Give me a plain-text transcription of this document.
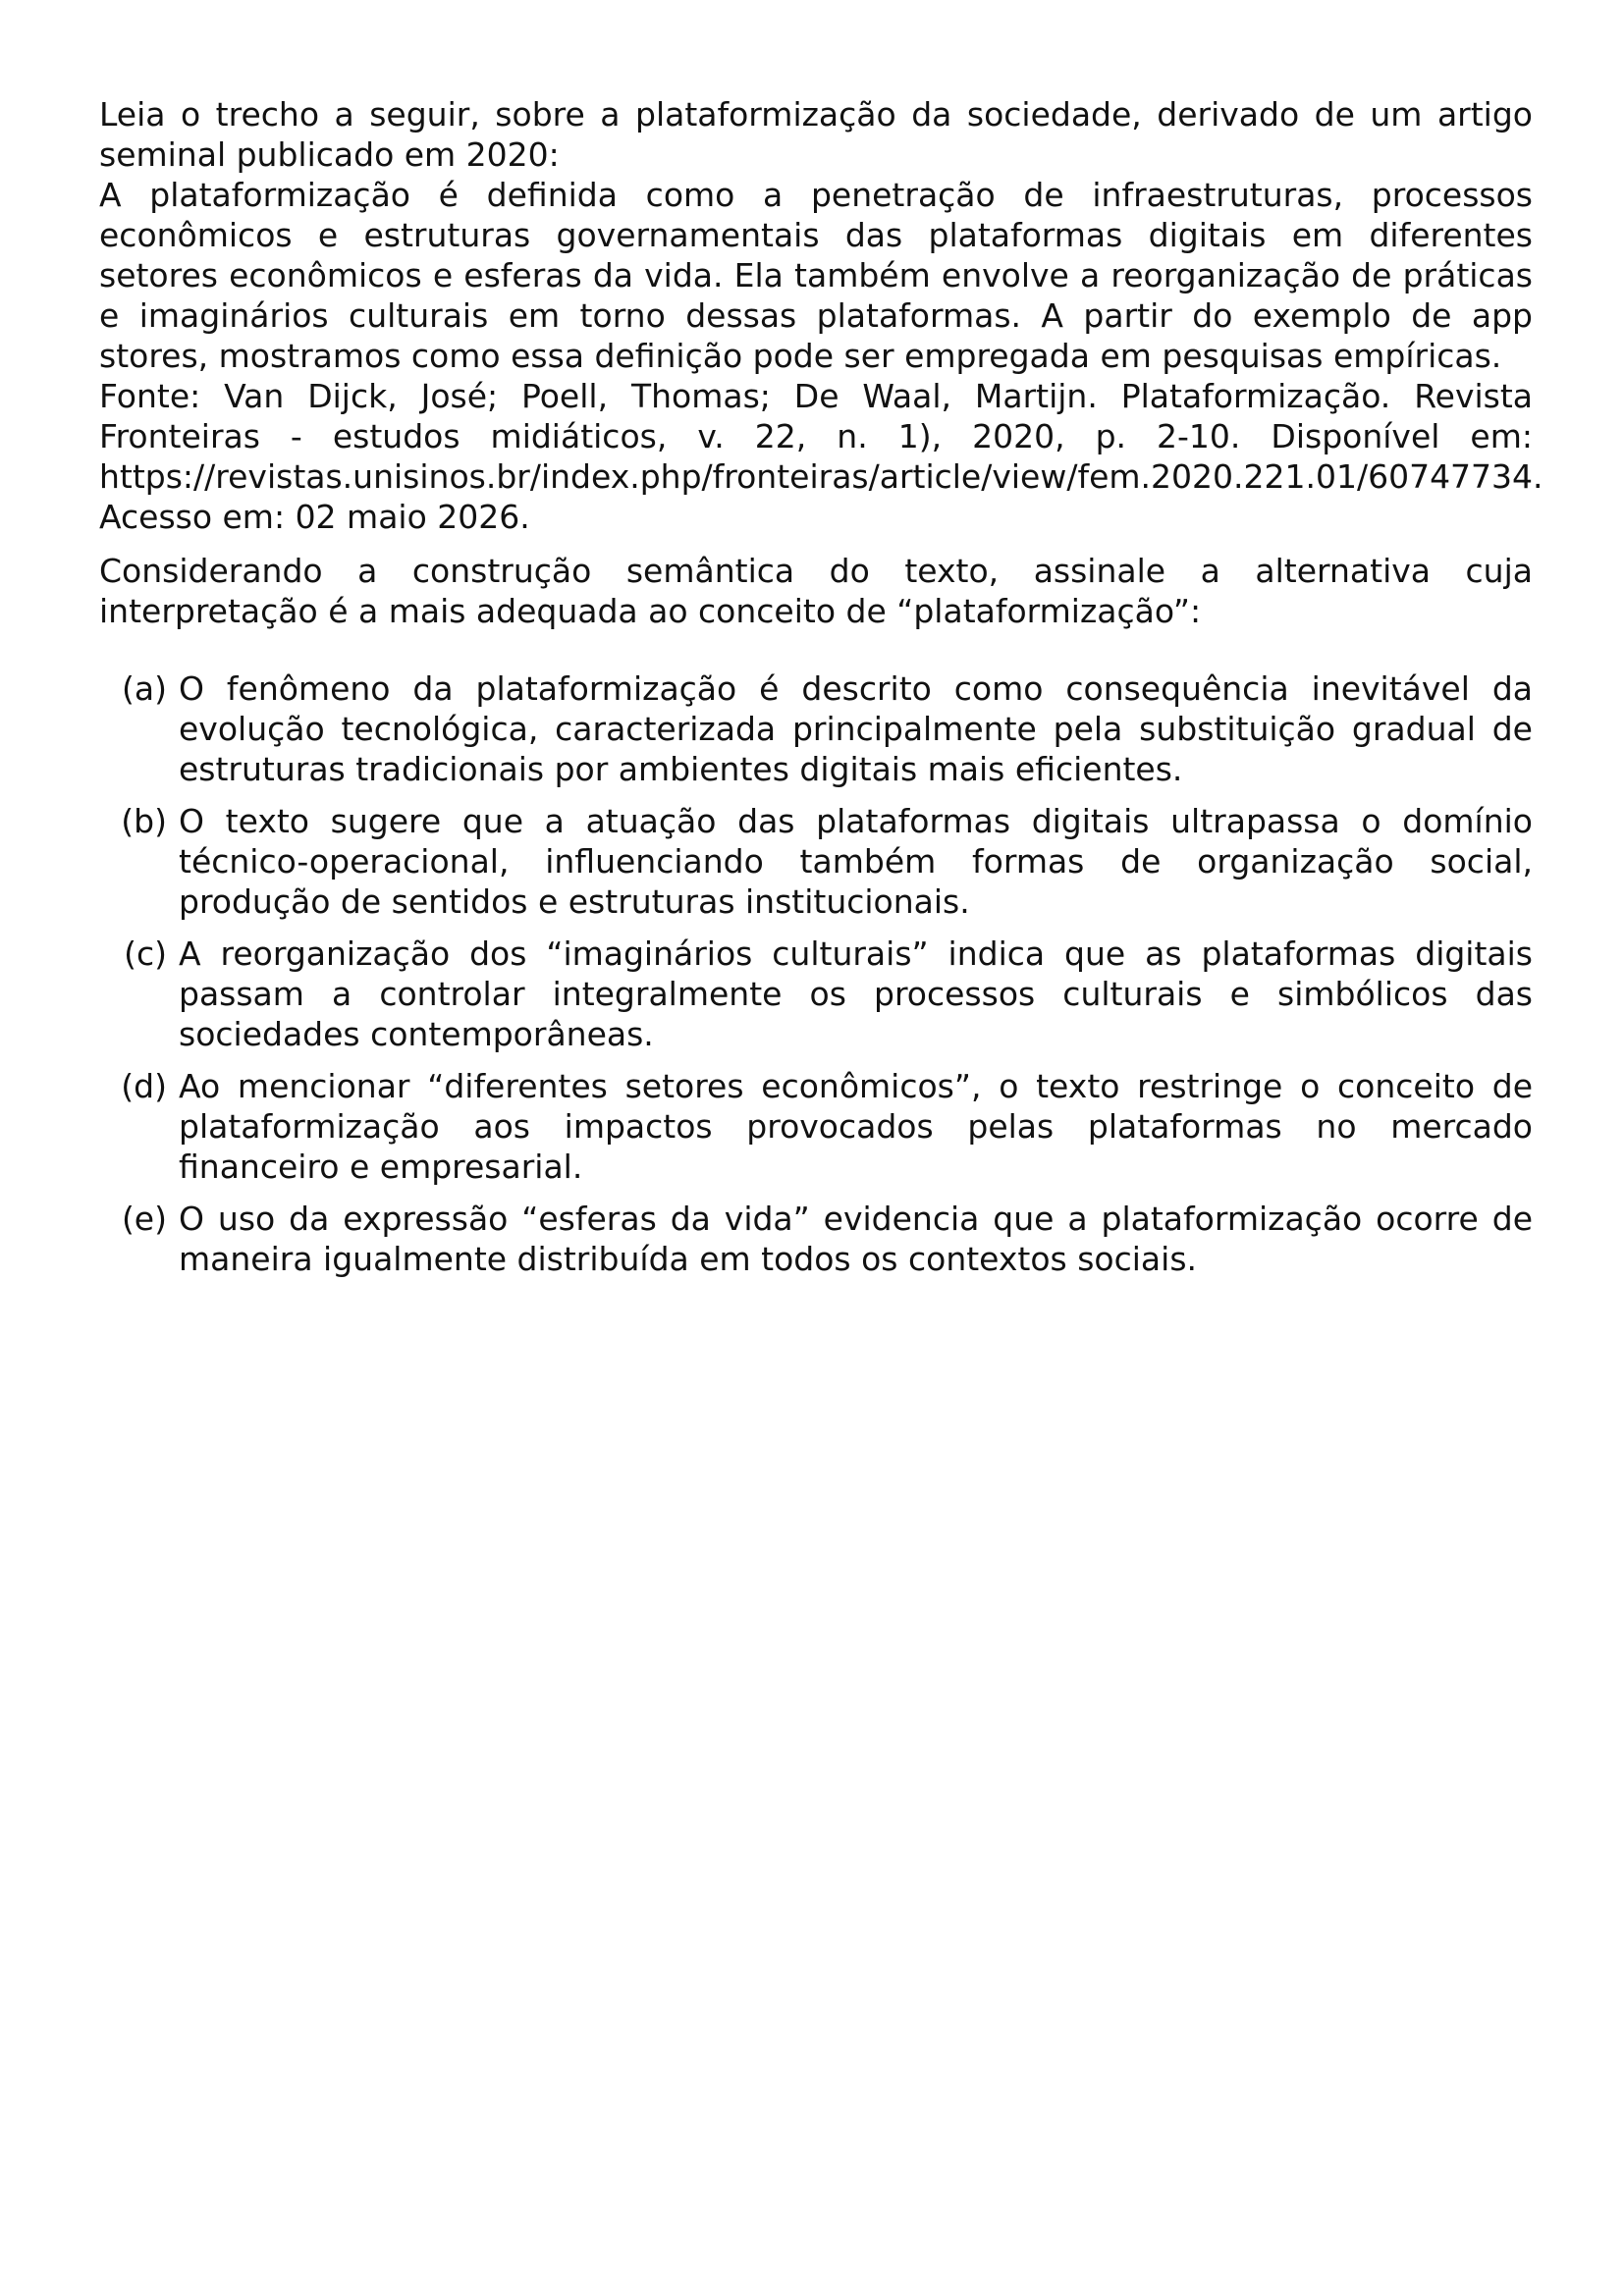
Leia o trecho a seguir, sobre a plataformização da sociedade, derivado de um artigo seminal publicado em 2020:

A plataformização é definida como a penetração de infraestruturas, processos econômicos e estruturas governamentais das plataformas digitais em diferentes setores econômicos e esferas da vida. Ela também envolve a reorganização de práticas e imaginários culturais em torno dessas plataformas. A partir do exemplo de app stores, mostramos como essa definição pode ser empregada em pesquisas empíricas.

Fonte: Van Dijck, José; Poell, Thomas; De Waal, Martijn. Plataformização. Revista Fronteiras - estudos midiáticos, v. 22, n. 1), 2020, p. 2-10. Disponível em: https://revistas.unisinos.br/index.php/fronteiras/article/view/fem.2020.221.01/60747734. Acesso em: 02 maio 2026.

Considerando a construção semântica do texto, assinale a alternativa cuja interpretação é a mais adequada ao conceito de “plataformização”:

(a) O fenômeno da plataformização é descrito como consequência inevitável da evolução tecnológica, caracterizada principalmente pela substituição gradual de estruturas tradicionais por ambientes digitais mais eficientes.
(b) O texto sugere que a atuação das plataformas digitais ultrapassa o domínio técnico-operacional, influenciando também formas de organização social, produção de sentidos e estruturas institucionais.
(c) A reorganização dos “imaginários culturais” indica que as plataformas digitais passam a controlar integralmente os processos culturais e simbólicos das sociedades contemporâneas.
(d) Ao mencionar “diferentes setores econômicos”, o texto restringe o conceito de plataformização aos impactos provocados pelas plataformas no mercado financeiro e empresarial.
(e) O uso da expressão “esferas da vida” evidencia que a plataformização ocorre de maneira igualmente distribuída em todos os contextos sociais.
